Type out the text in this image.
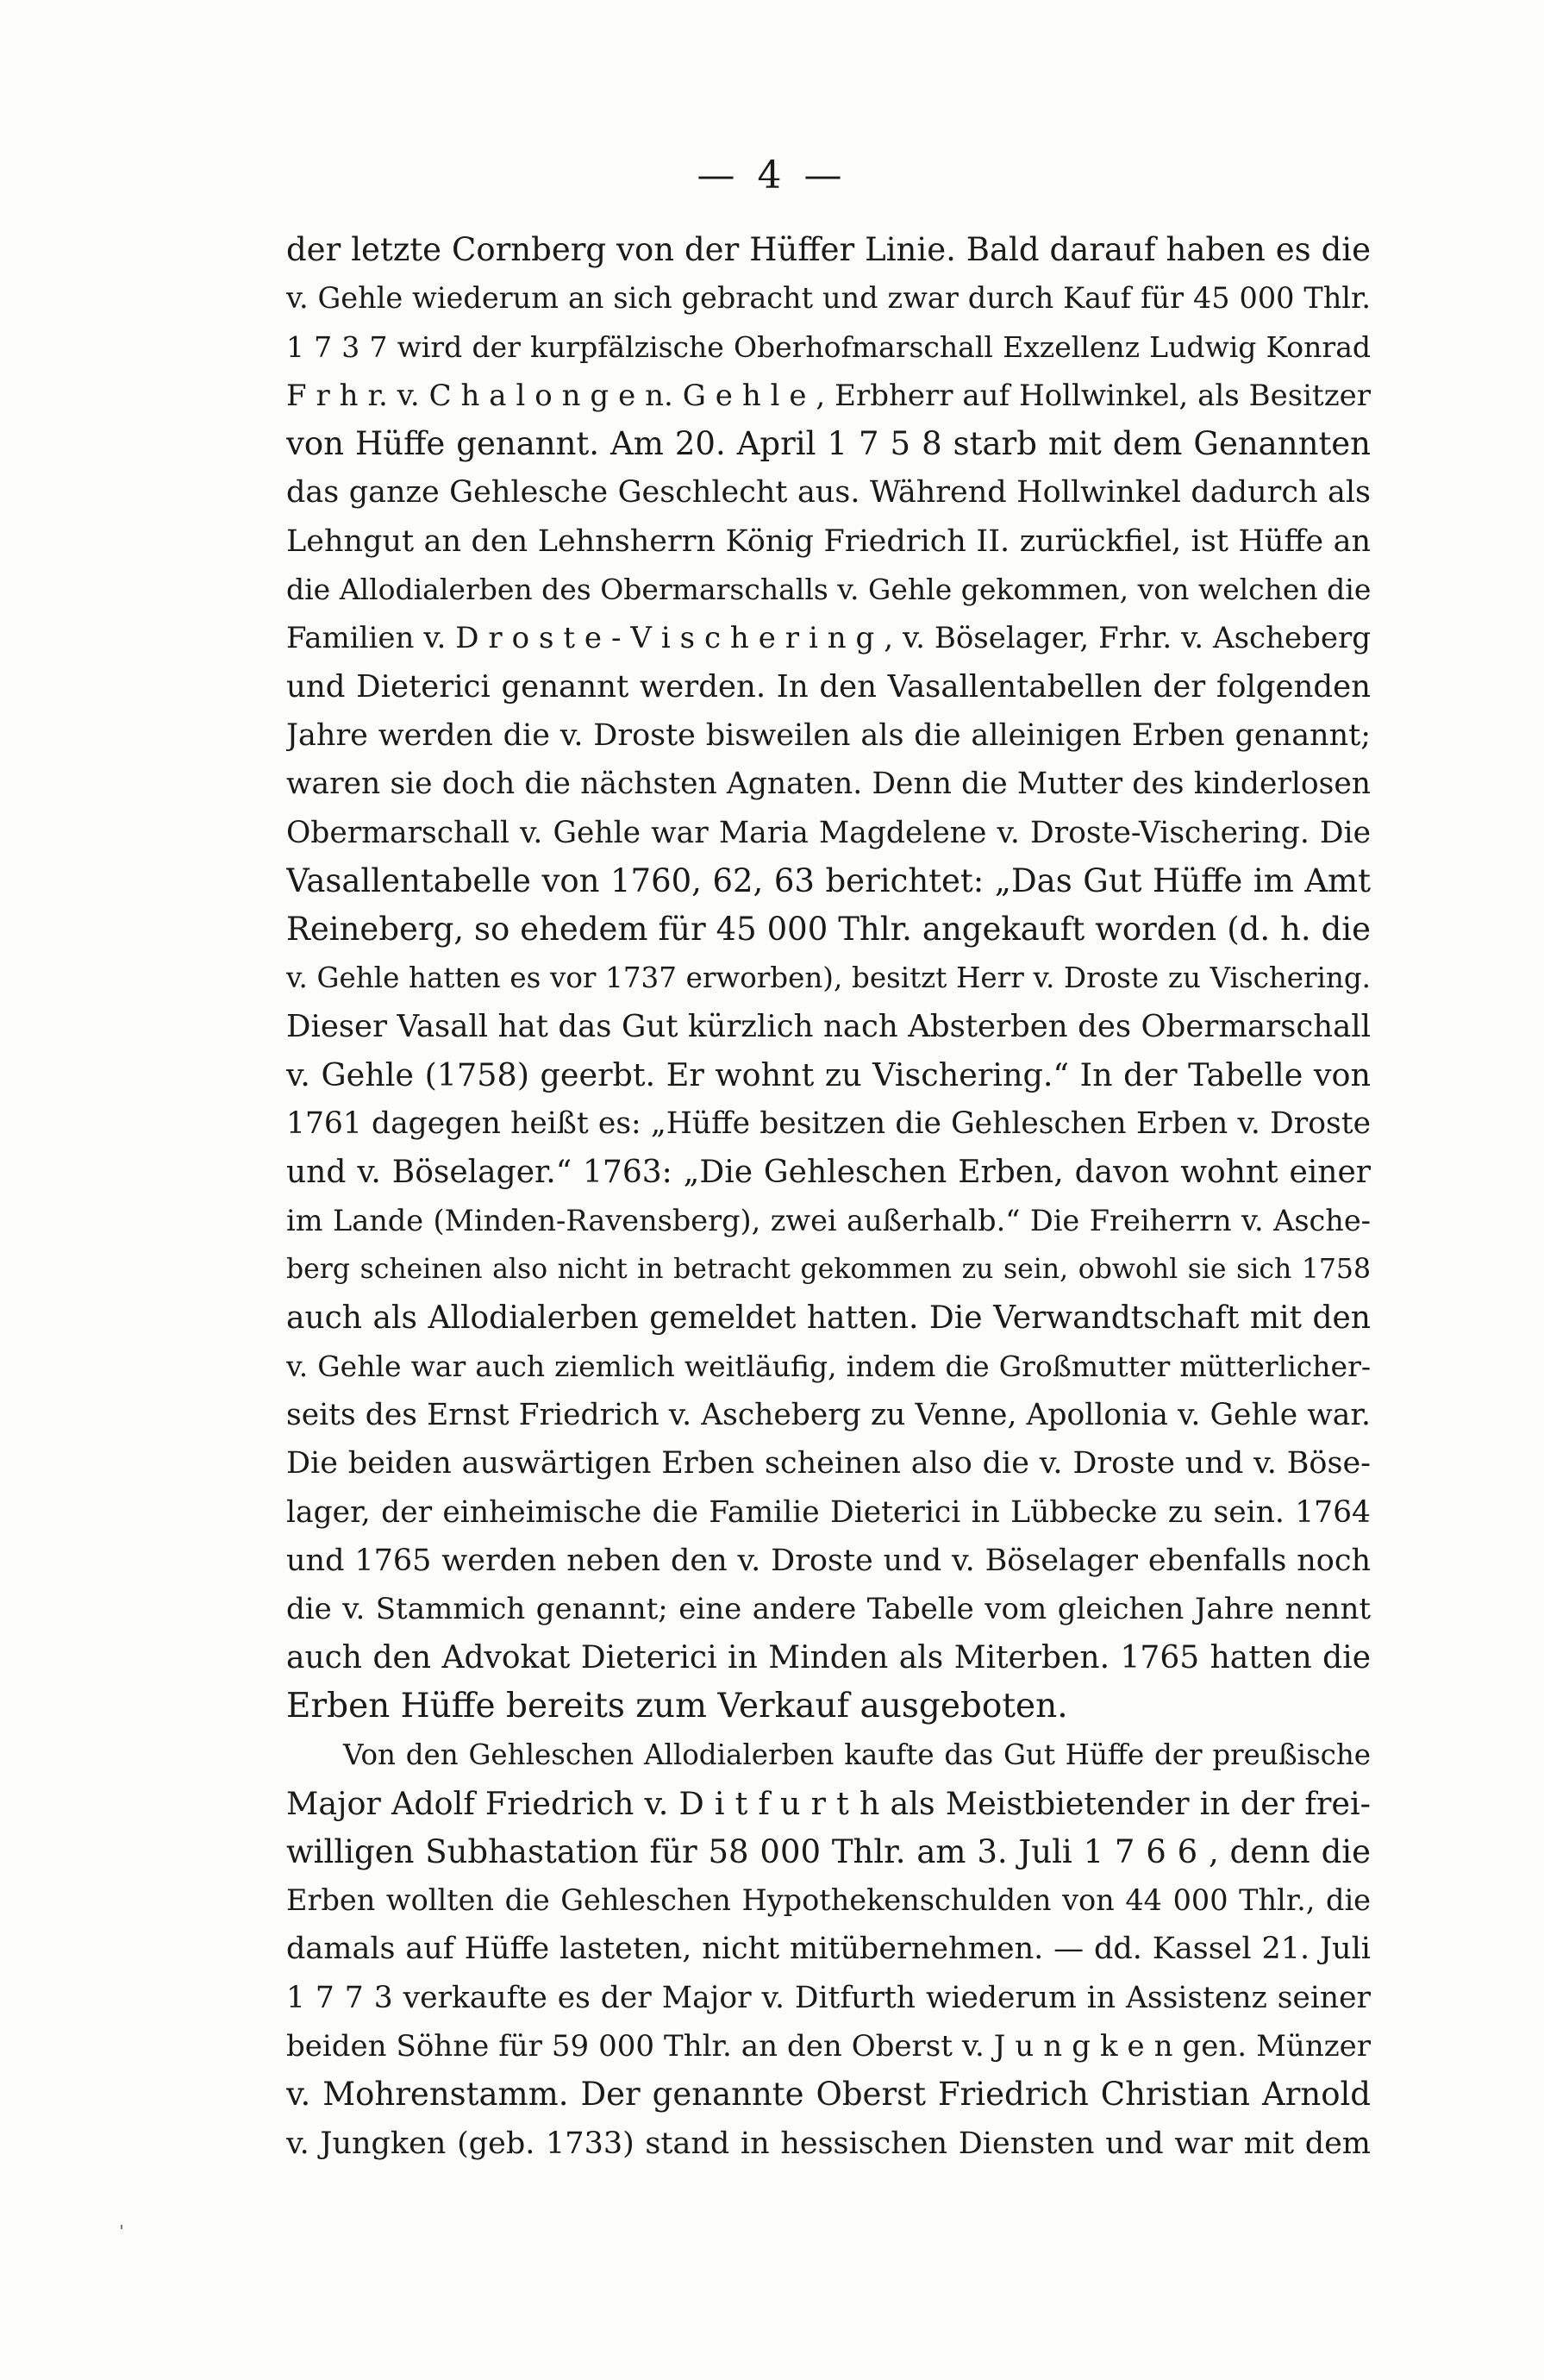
— 4 —
der letzte Cornberg von der Hüffer Linie. Bald darauf haben es die
v. Gehle wiederum an sich gebracht und zwar durch Kauf für 45 000 Thlr.
1 7 3 7 wird der kurpfälzische Oberhofmarschall Exzellenz Ludwig Konrad
F r h r. v. C h a l o n g e n. G e h l e , Erbherr auf Hollwinkel, als Besitzer
von Hüffe genannt. Am 20. April 1 7 5 8 starb mit dem Genannten
das ganze Gehlesche Geschlecht aus. Während Hollwinkel dadurch als
Lehngut an den Lehnsherrn König Friedrich II. zurückfiel, ist Hüffe an
die Allodialerben des Obermarschalls v. Gehle gekommen, von welchen die
Familien v. D r o s t e - V i s c h e r i n g , v. Böselager, Frhr. v. Ascheberg
und Dieterici genannt werden. In den Vasallentabellen der folgenden
Jahre werden die v. Droste bisweilen als die alleinigen Erben genannt;
waren sie doch die nächsten Agnaten. Denn die Mutter des kinderlosen
Obermarschall v. Gehle war Maria Magdelene v. Droste-Vischering. Die
Vasallentabelle von 1760, 62, 63 berichtet: „Das Gut Hüffe im Amt
Reineberg, so ehedem für 45 000 Thlr. angekauft worden (d. h. die
v. Gehle hatten es vor 1737 erworben), besitzt Herr v. Droste zu Vischering.
Dieser Vasall hat das Gut kürzlich nach Absterben des Obermarschall
v. Gehle (1758) geerbt. Er wohnt zu Vischering.“ In der Tabelle von
1761 dagegen heißt es: „Hüffe besitzen die Gehleschen Erben v. Droste
und v. Böselager.“ 1763: „Die Gehleschen Erben, davon wohnt einer
im Lande (Minden-Ravensberg), zwei außerhalb.“ Die Freiherrn v. Asche-
berg scheinen also nicht in betracht gekommen zu sein, obwohl sie sich 1758
auch als Allodialerben gemeldet hatten. Die Verwandtschaft mit den
v. Gehle war auch ziemlich weitläufig, indem die Großmutter mütterlicher-
seits des Ernst Friedrich v. Ascheberg zu Venne, Apollonia v. Gehle war.
Die beiden auswärtigen Erben scheinen also die v. Droste und v. Böse-
lager, der einheimische die Familie Dieterici in Lübbecke zu sein. 1764
und 1765 werden neben den v. Droste und v. Böselager ebenfalls noch
die v. Stammich genannt; eine andere Tabelle vom gleichen Jahre nennt
auch den Advokat Dieterici in Minden als Miterben. 1765 hatten die
Erben Hüffe bereits zum Verkauf ausgeboten.
Von den Gehleschen Allodialerben kaufte das Gut Hüffe der preußische
Major Adolf Friedrich v. D i t f u r t h als Meistbietender in der frei-
willigen Subhastation für 58 000 Thlr. am 3. Juli 1 7 6 6 , denn die
Erben wollten die Gehleschen Hypothekenschulden von 44 000 Thlr., die
damals auf Hüffe lasteten, nicht mitübernehmen. — dd. Kassel 21. Juli
1 7 7 3 verkaufte es der Major v. Ditfurth wiederum in Assistenz seiner
beiden Söhne für 59 000 Thlr. an den Oberst v. J u n g k e n gen. Münzer
v. Mohrenstamm. Der genannte Oberst Friedrich Christian Arnold
v. Jungken (geb. 1733) stand in hessischen Diensten und war mit dem
